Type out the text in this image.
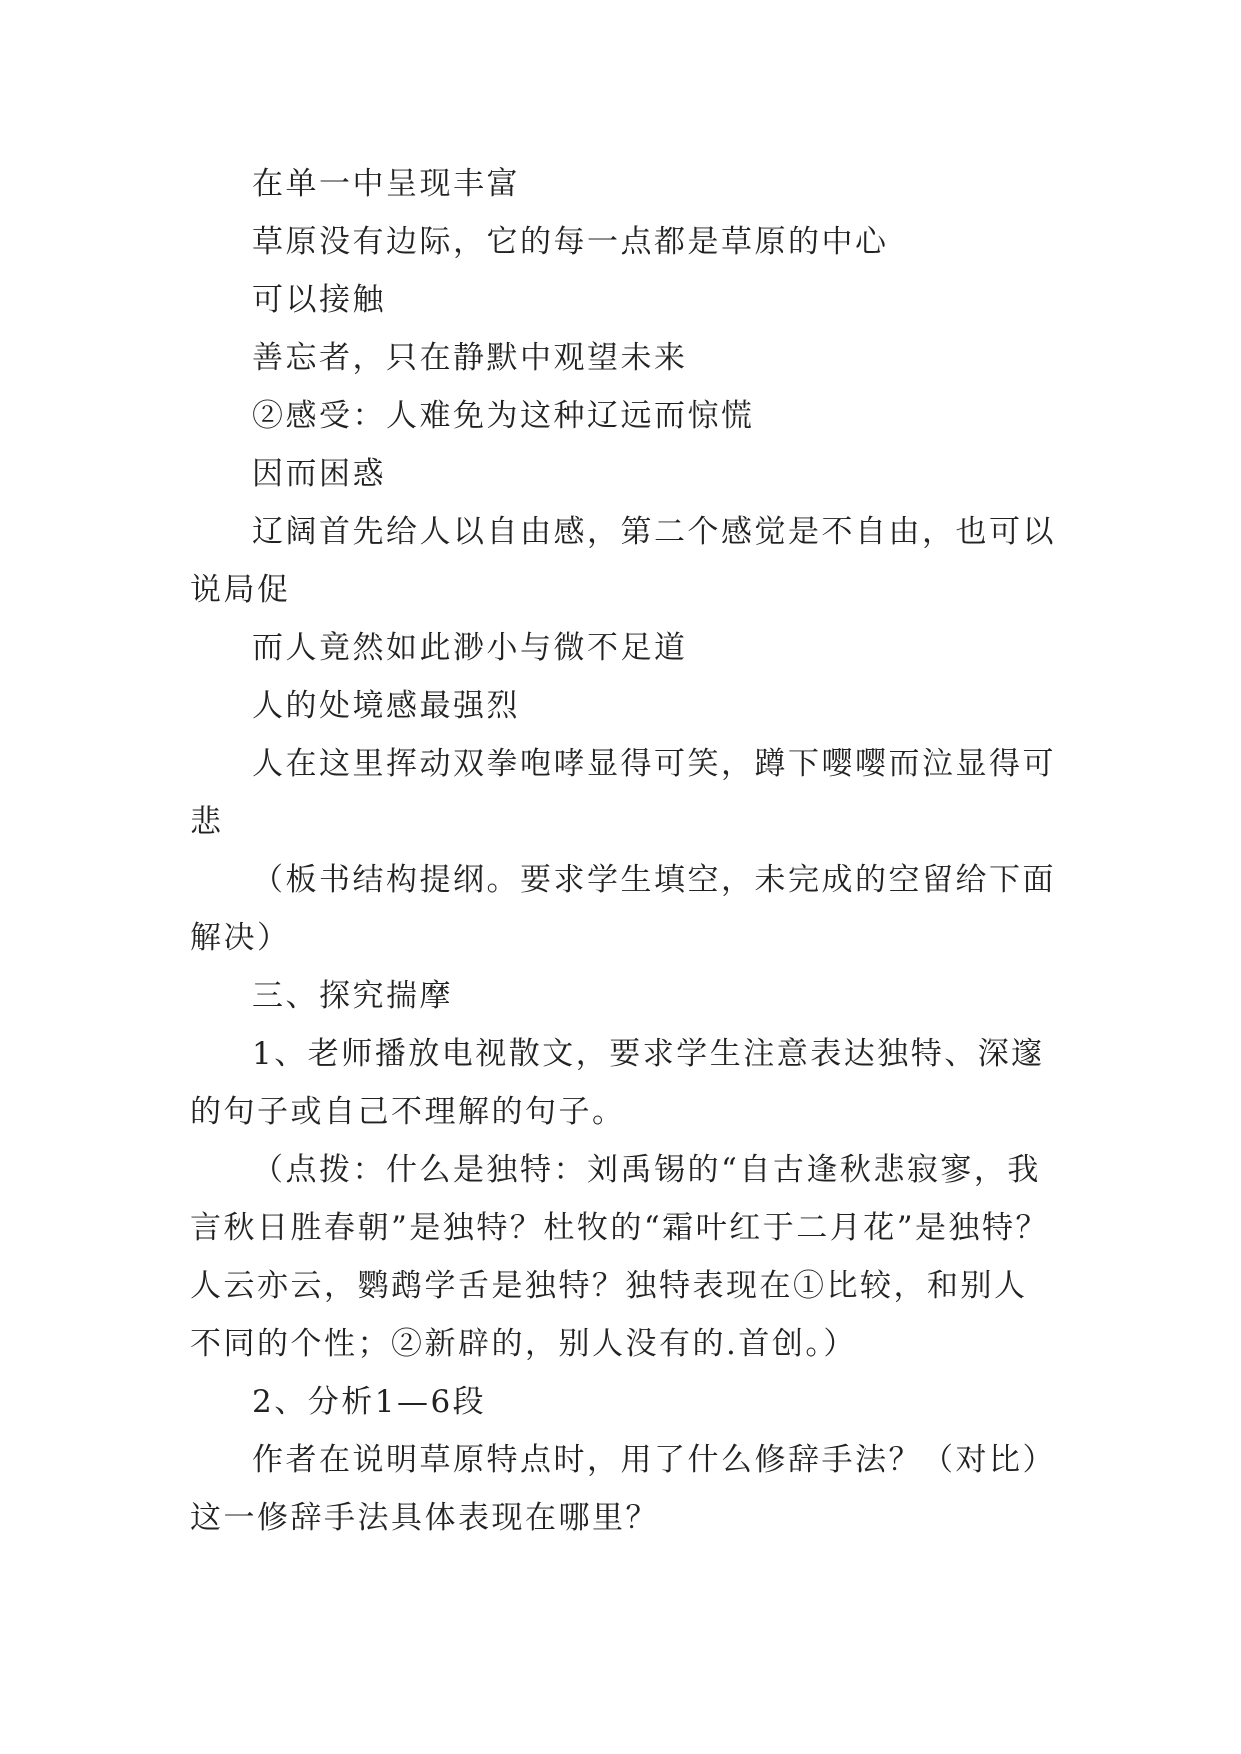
在单一中呈现丰富

草原没有边际，它的每一点都是草原的中心

可以接触

善忘者，只在静默中观望未来

②感受：人难免为这种辽远而惊慌

因而困惑

辽阔首先给人以自由感，第二个感觉是不自由，也可以说局促

而人竟然如此渺小与微不足道

人的处境感最强烈

人在这里挥动双拳咆哮显得可笑，蹲下嘤嘤而泣显得可悲

（板书结构提纲。要求学生填空，未完成的空留给下面解决）

三、探究揣摩

1、老师播放电视散文，要求学生注意表达独特、深邃的句子或自己不理解的句子。

（点拨：什么是独特：刘禹锡的“自古逢秋悲寂寥，我言秋日胜春朝”是独特？杜牧的“霜叶红于二月花”是独特？人云亦云，鹦鹉学舌是独特？独特表现在①比较，和别人不同的个性；②新辟的，别人没有的.首创。）

2、分析1—6段

作者在说明草原特点时，用了什么修辞手法？（对比）这一修辞手法具体表现在哪里？
